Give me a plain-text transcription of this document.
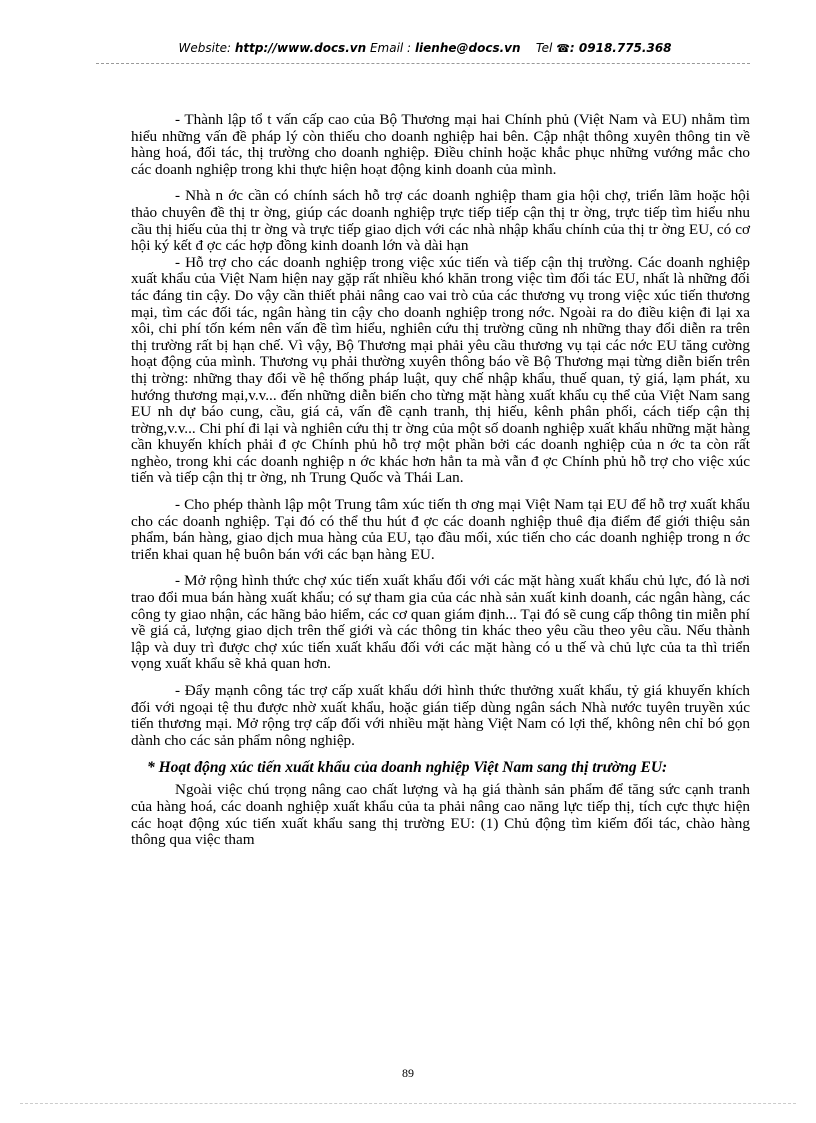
Website: http://www.docs.vn Email : lienhe@docs.vn Tel ☎: 0918.775.368

- Thành lập tổ t vấn cấp cao của Bộ Thương mại hai Chính phủ (Việt Nam và EU) nhằm tìm hiểu những vấn đề pháp lý còn thiếu cho doanh nghiệp hai bên. Cập nhật thông xuyên thông tin về hàng hoá, đối tác, thị trường cho doanh nghiệp. Điều chỉnh hoặc khắc phục những vướng mắc cho các doanh nghiệp trong khi thực hiện hoạt động kinh doanh của mình.

- Nhà n ớc cần có chính sách hỗ trợ các doanh nghiệp tham gia hội chợ, triển lãm hoặc hội thảo chuyên đề thị tr ờng, giúp các doanh nghiệp trực tiếp tiếp cận thị tr ờng, trực tiếp tìm hiểu nhu cầu thị hiếu của thị tr ờng và trực tiếp giao dịch với các nhà nhập khẩu chính của thị tr ờng EU, có cơ hội ký kết đ ợc các hợp đồng kinh doanh lớn và dài hạn

- Hỗ trợ cho các doanh nghiệp trong việc xúc tiến và tiếp cận thị trường. Các doanh nghiệp xuất khẩu của Việt Nam hiện nay gặp rất nhiều khó khăn trong việc tìm đối tác EU, nhất là những đối tác đáng tin cậy. Do vậy cần thiết phải nâng cao vai trò của các thương vụ trong việc xúc tiến thương mại, tìm các đối tác, ngân hàng tin cậy cho doanh nghiệp trong nớc. Ngoài ra do điều kiện đi lại xa xôi, chi phí tốn kém nên vấn đề tìm hiểu, nghiên cứu thị trường cũng nh những thay đổi diễn ra trên thị trường rất bị hạn chế. Vì vậy, Bộ Thương mại phải yêu cầu thương vụ tại các nớc EU tăng cường hoạt động của mình. Thương vụ phải thường xuyên thông báo về Bộ Thương mại từng diễn biến trên thị trờng: những thay đổi về hệ thống pháp luật, quy chế nhập khẩu, thuế quan, tỷ giá, lạm phát, xu hướng thương mại,v.v... đến những diễn biến cho từng mặt hàng xuất khẩu cụ thể của Việt Nam sang EU nh dự báo cung, cầu, giá cả, vấn đề cạnh tranh, thị hiếu, kênh phân phối, cách tiếp cận thị trờng,v.v... Chi phí đi lại và nghiên cứu thị tr ờng của một số doanh nghiệp xuất khẩu những mặt hàng cần khuyến khích phải đ ợc Chính phủ hỗ trợ một phần bởi các doanh nghiệp của n ớc ta còn rất nghèo, trong khi các doanh nghiệp n ớc khác hơn hẳn ta mà vẫn đ ợc Chính phủ hỗ trợ cho việc xúc tiến và tiếp cận thị tr ờng, nh Trung Quốc và Thái Lan.

- Cho phép thành lập một Trung tâm xúc tiến th ơng mại Việt Nam tại EU để hỗ trợ xuất khẩu cho các doanh nghiệp. Tại đó có thể thu hút đ ợc các doanh nghiệp thuê địa điểm để giới thiệu sản phẩm, bán hàng, giao dịch mua hàng của EU, tạo đầu mối, xúc tiến cho các doanh nghiệp trong n ớc triển khai quan hệ buôn bán với các bạn hàng EU.

- Mở rộng hình thức chợ xúc tiến xuất khẩu đối với các mặt hàng xuất khẩu chủ lực, đó là nơi trao đổi mua bán hàng xuất khẩu; có sự tham gia của các nhà sản xuất kinh doanh, các ngân hàng, các công ty giao nhận, các hãng bảo hiểm, các cơ quan giám định... Tại đó sẽ cung cấp thông tin miễn phí về giá cả, lượng giao dịch trên thế giới và các thông tin khác theo yêu cầu theo yêu cầu. Nếu thành lập và duy trì được chợ xúc tiến xuất khẩu đối với các mặt hàng có u thế và chủ lực của ta thì triển vọng xuất khẩu sẽ khả quan hơn.

- Đẩy mạnh công tác trợ cấp xuất khẩu dới hình thức thưởng xuất khẩu, tỷ giá khuyến khích đối với ngoại tệ thu được nhờ xuất khẩu, hoặc gián tiếp dùng ngân sách Nhà nước tuyên truyền xúc tiến thương mại. Mở rộng trợ cấp đối với nhiều mặt hàng Việt Nam có lợi thế, không nên chỉ bó gọn dành cho các sản phẩm nông nghiệp.

* Hoạt động xúc tiến xuất khẩu của doanh nghiệp Việt Nam sang thị trường EU:

Ngoài việc chú trọng nâng cao chất lượng và hạ giá thành sản phẩm để tăng sức cạnh tranh của hàng hoá, các doanh nghiệp xuất khẩu của ta phải nâng cao năng lực tiếp thị, tích cực thực hiện các hoạt động xúc tiến xuất khẩu sang thị trường EU: (1) Chủ động tìm kiếm đối tác, chào hàng thông qua việc tham

89
